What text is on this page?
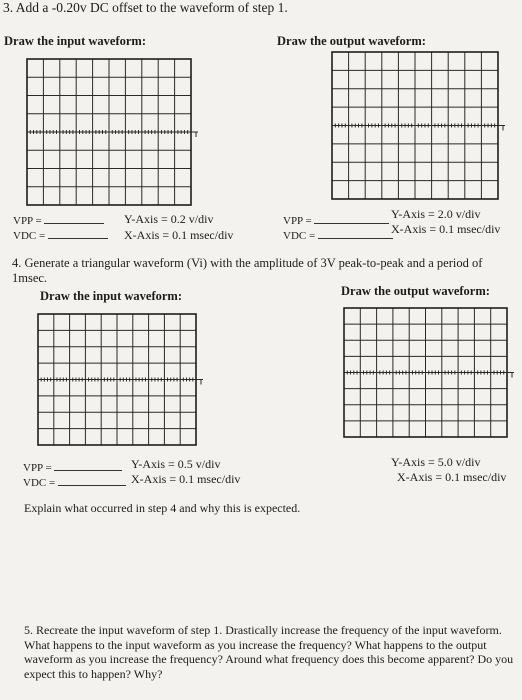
3. Add a -0.20v DC offset to the waveform of step 1.
Draw the input waveform:	Draw the output waveform:
VPP =
VDC =
Y-Axis = 0.2 v/div
X-Axis = 0.1 msec/div
VPP =
VDC =
Y-Axis = 2.0 v/div
X-Axis = 0.1 msec/div
4. Generate a triangular waveform (Vi) with the amplitude of 3V peak-to-peak and a period of
1msec.
Draw the input waveform:	Draw the output waveform:
VPP =
VDC =
Y-Axis = 0.5 v/div
X-Axis = 0.1 msec/div
Y-Axis = 5.0 v/div
X-Axis = 0.1 msec/div
Explain what occurred in step 4 and why this is expected.
5. Recreate the input waveform of step 1. Drastically increase the frequency of the input waveform. What happens to the input waveform as you increase the frequency? What happens to the output waveform as you increase the frequency? Around what frequency does this become apparent? Do you expect this to happen? Why?
